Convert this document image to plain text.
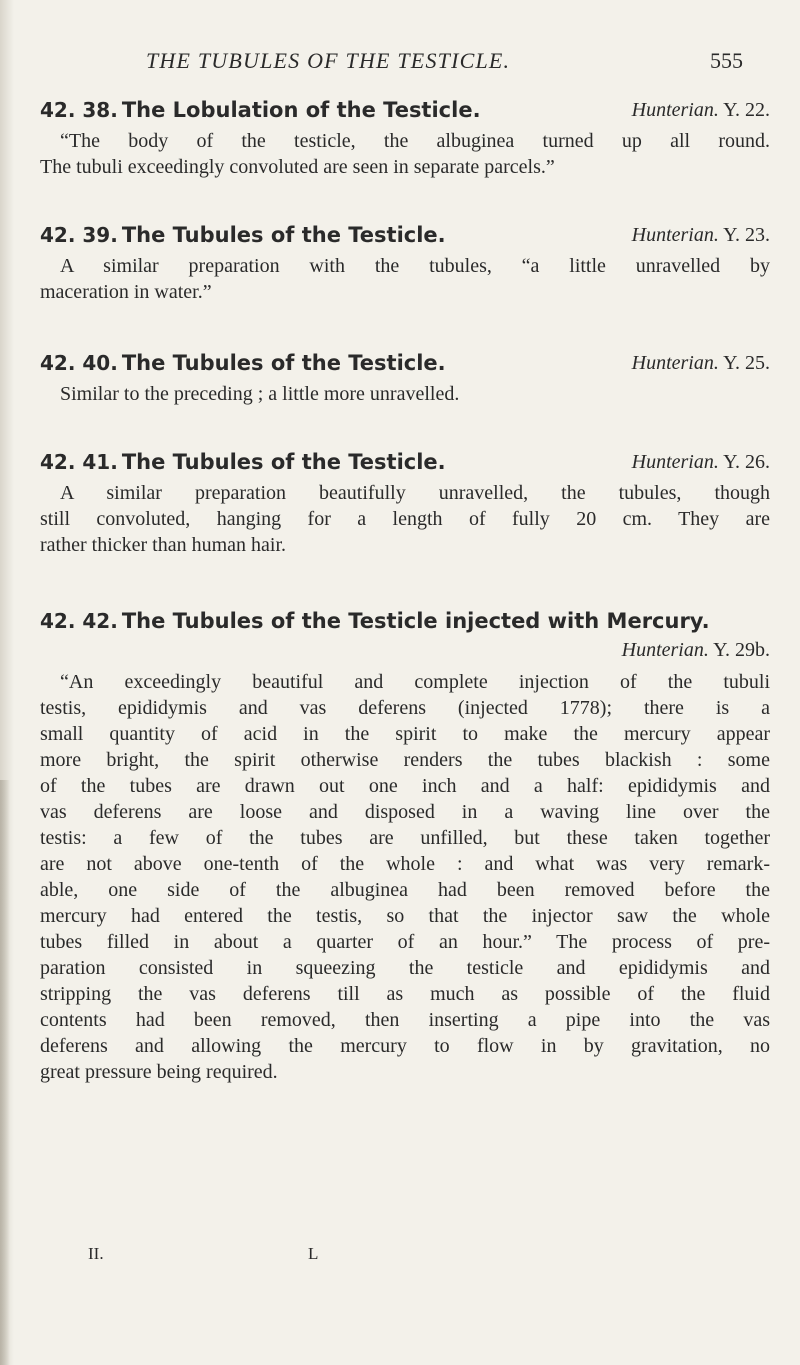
THE TUBULES OF THE TESTICLE.	555
42. 38. The Lobulation of the Testicle.	Hunterian. Y. 22.
“The body of the testicle, the albuginea turned up all round.
The tubuli exceedingly convoluted are seen in separate parcels.”
42. 39. The Tubules of the Testicle.	Hunterian. Y. 23.
A similar preparation with the tubules, “a little unravelled by
maceration in water.”
42. 40. The Tubules of the Testicle.	Hunterian. Y. 25.
Similar to the preceding ; a little more unravelled.
42. 41. The Tubules of the Testicle.	Hunterian. Y. 26.
A similar preparation beautifully unravelled, the tubules, though
still convoluted, hanging for a length of fully 20 cm. They are
rather thicker than human hair.
42. 42. The Tubules of the Testicle injected with Mercury.
Hunterian. Y. 29b.
“An exceedingly beautiful and complete injection of the tubuli
testis, epididymis and vas deferens (injected 1778); there is a
small quantity of acid in the spirit to make the mercury appear
more bright, the spirit otherwise renders the tubes blackish : some
of the tubes are drawn out one inch and a half: epididymis and
vas deferens are loose and disposed in a waving line over the
testis: a few of the tubes are unfilled, but these taken together
are not above one-tenth of the whole : and what was very remark-
able, one side of the albuginea had been removed before the
mercury had entered the testis, so that the injector saw the whole
tubes filled in about a quarter of an hour.” The process of pre-
paration consisted in squeezing the testicle and epididymis and
stripping the vas deferens till as much as possible of the fluid
contents had been removed, then inserting a pipe into the vas
deferens and allowing the mercury to flow in by gravitation, no
great pressure being required.
II.	L
